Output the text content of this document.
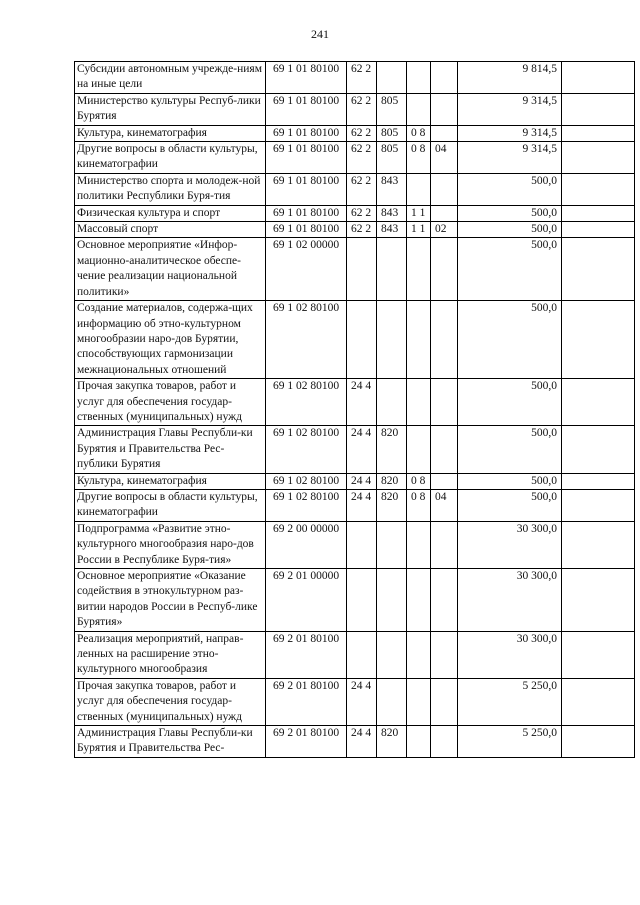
241
Субсидии автономным учрежде-ниям на иные цели	69 1 01 80100	62 2				9 814,5	
Министерство культуры Респуб-лики Бурятия	69 1 01 80100	62 2	805			9 314,5	
Культура, кинематография	69 1 01 80100	62 2	805	0 8		9 314,5	
Другие вопросы в области культуры, кинематографии	69 1 01 80100	62 2	805	0 8	04	9 314,5	
Министерство спорта и молодеж-ной политики Республики Буря-тия	69 1 01 80100	62 2	843			500,0	
Физическая культура и спорт	69 1 01 80100	62 2	843	1 1		500,0	
Массовый спорт	69 1 01 80100	62 2	843	1 1	02	500,0	
Основное мероприятие «Инфор-мационно-аналитическое обеспе-чение реализации национальной политики»	69 1 02 00000					500,0	
Создание материалов, содержа-щих информацию об этно-культурном многообразии наро-дов Бурятии, способствующих гармонизации межнациональных отношений	69 1 02 80100					500,0	
Прочая закупка товаров, работ и услуг для обеспечения государ-ственных (муниципальных) нужд	69 1 02 80100	24 4				500,0	
Администрация Главы Республи-ки Бурятия и Правительства Рес-публики Бурятия	69 1 02 80100	24 4	820			500,0	
Культура, кинематография	69 1 02 80100	24 4	820	0 8		500,0	
Другие вопросы в области культуры, кинематографии	69 1 02 80100	24 4	820	0 8	04	500,0	
Подпрограмма «Развитие этно-культурного многообразия наро-дов России в Республике Буря-тия»	69 2 00 00000					30 300,0	
Основное мероприятие «Оказание содействия в этнокультурном раз-витии народов России в Респуб-лике Бурятия»	69 2 01 00000					30 300,0	
Реализация мероприятий, направ-ленных на расширение этно-культурного многообразия	69 2 01 80100					30 300,0	
Прочая закупка товаров, работ и услуг для обеспечения государ-ственных (муниципальных) нужд	69 2 01 80100	24 4				5 250,0	
Администрация Главы Республи-ки Бурятия и Правительства Рес-	69 2 01 80100	24 4	820			5 250,0	
